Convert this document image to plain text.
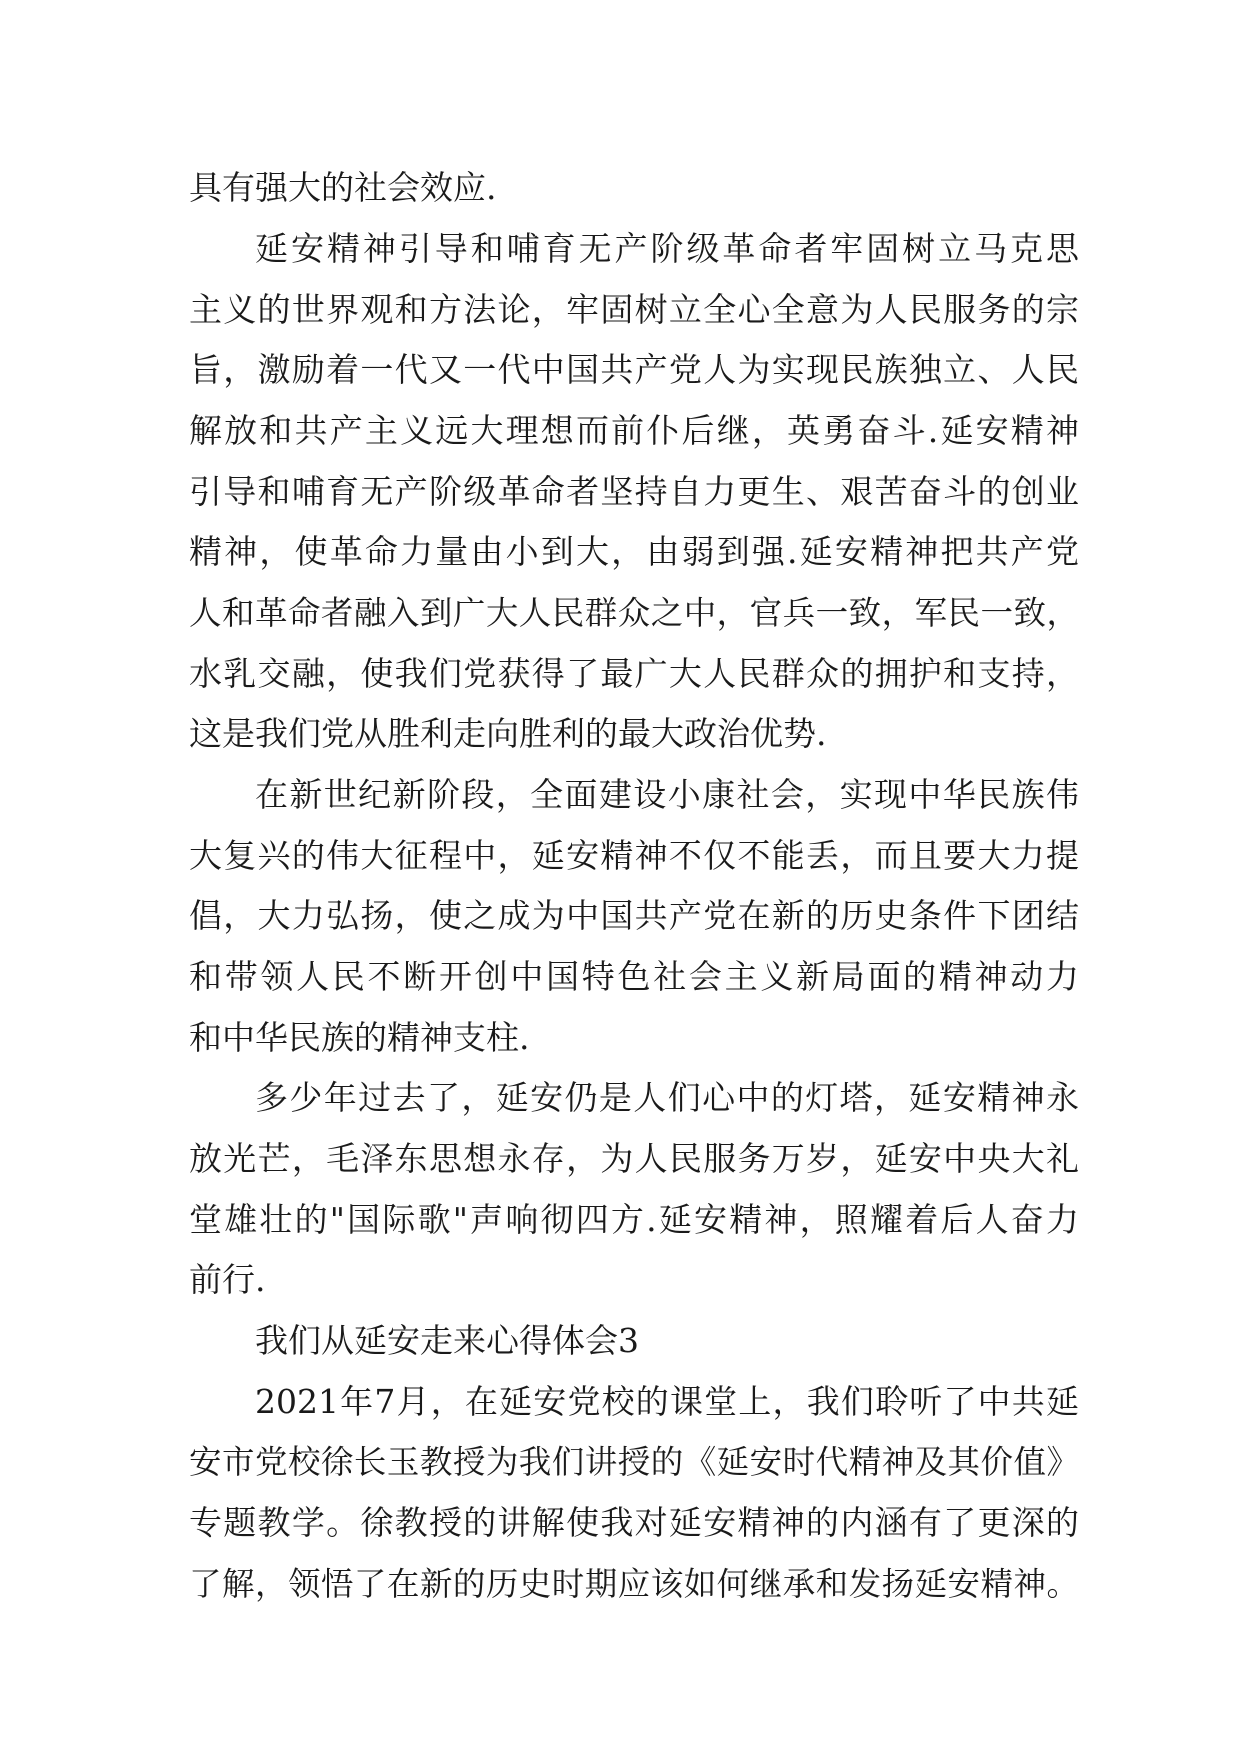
具有强大的社会效应.
延安精神引导和哺育无产阶级革命者牢固树立马克思
主义的世界观和方法论，牢固树立全心全意为人民服务的宗
旨，激励着一代又一代中国共产党人为实现民族独立、人民
解放和共产主义远大理想而前仆后继，英勇奋斗.延安精神
引导和哺育无产阶级革命者坚持自力更生、艰苦奋斗的创业
精神，使革命力量由小到大，由弱到强.延安精神把共产党
人和革命者融入到广大人民群众之中，官兵一致，军民一致，
水乳交融，使我们党获得了最广大人民群众的拥护和支持，
这是我们党从胜利走向胜利的最大政治优势.
在新世纪新阶段，全面建设小康社会，实现中华民族伟
大复兴的伟大征程中，延安精神不仅不能丢，而且要大力提
倡，大力弘扬，使之成为中国共产党在新的历史条件下团结
和带领人民不断开创中国特色社会主义新局面的精神动力
和中华民族的精神支柱.
多少年过去了，延安仍是人们心中的灯塔，延安精神永
放光芒，毛泽东思想永存，为人民服务万岁，延安中央大礼
堂雄壮的"国际歌"声响彻四方.延安精神，照耀着后人奋力
前行.
我们从延安走来心得体会3
2021年7月，在延安党校的课堂上，我们聆听了中共延
安市党校徐长玉教授为我们讲授的《延安时代精神及其价值》
专题教学。徐教授的讲解使我对延安精神的内涵有了更深的
了解，领悟了在新的历史时期应该如何继承和发扬延安精神。
